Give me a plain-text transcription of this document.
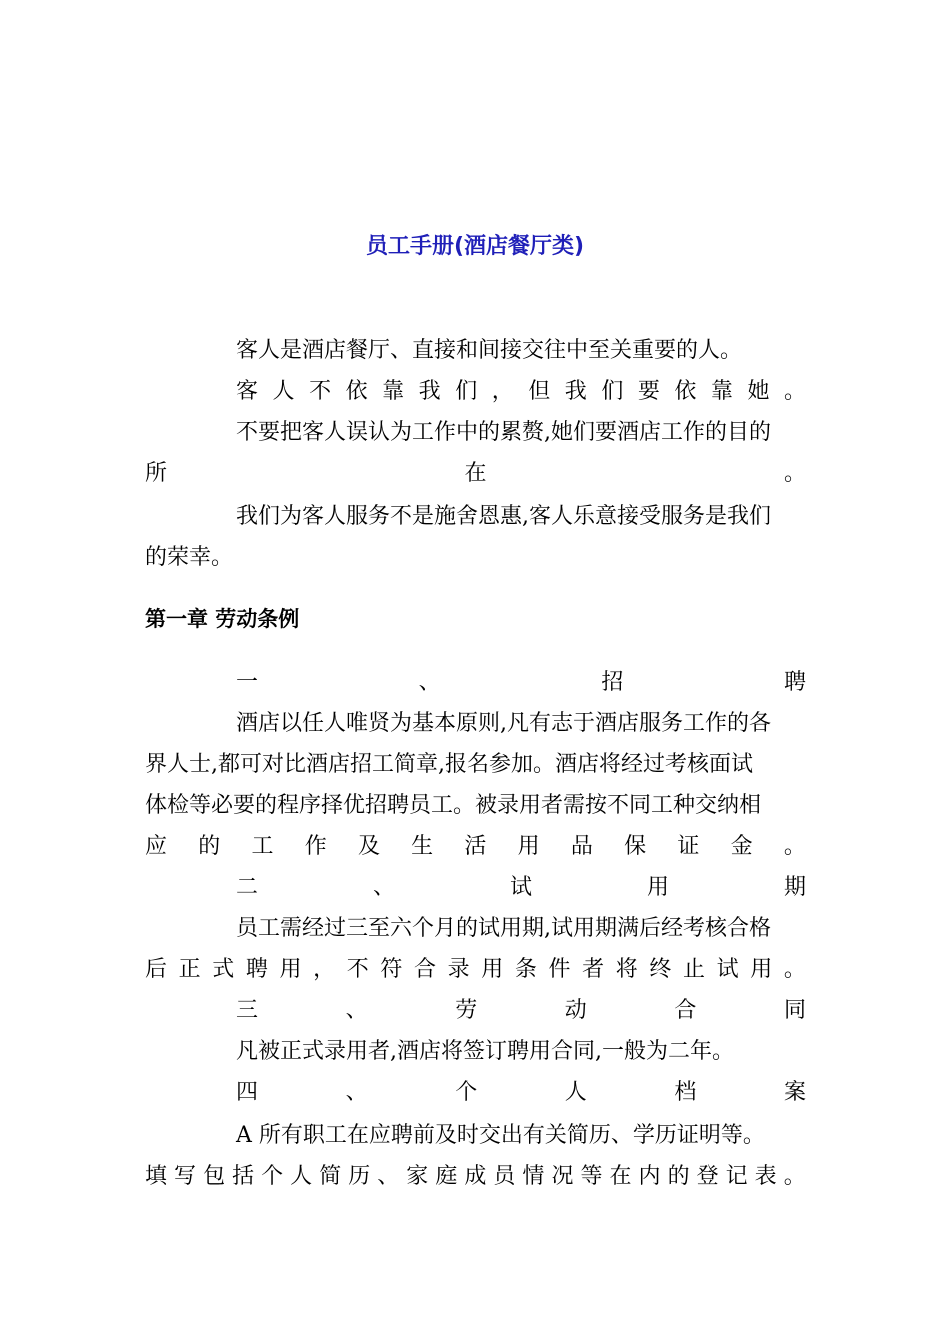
员工手册(酒店餐厅类)
客人是酒店餐厅、直接和间接交往中至关重要的人。
客 人 不 依 靠 我 们 ， 但 我 们 要 依 靠 她 。
不要把客人误认为工作中的累赘,她们要酒店工作的目的
所	在	。
我们为客人服务不是施舍恩惠,客人乐意接受服务是我们
的荣幸。
第一章 劳动条例
一	、	招	聘
酒店以任人唯贤为基本原则,凡有志于酒店服务工作的各
界人士,都可对比酒店招工简章,报名参加。酒店将经过考核面试
体检等必要的程序择优招聘员工。被录用者需按不同工种交纳相
应 的 工 作 及 生 活 用 品 保 证 金 。
二	、	试	用	期
员工需经过三至六个月的试用期,试用期满后经考核合格
后 正 式 聘 用 ， 不 符 合 录 用 条 件 者 将 终 止 试 用 。
三	、	劳	动	合	同
凡被正式录用者,酒店将签订聘用合同,一般为二年。
四	、	个	人	档	案
A 所有职工在应聘前及时交出有关简历、学历证明等。
填 写 包 括 个 人 简 历 、 家 庭 成 员 情 况 等 在 内 的 登 记 表 。
